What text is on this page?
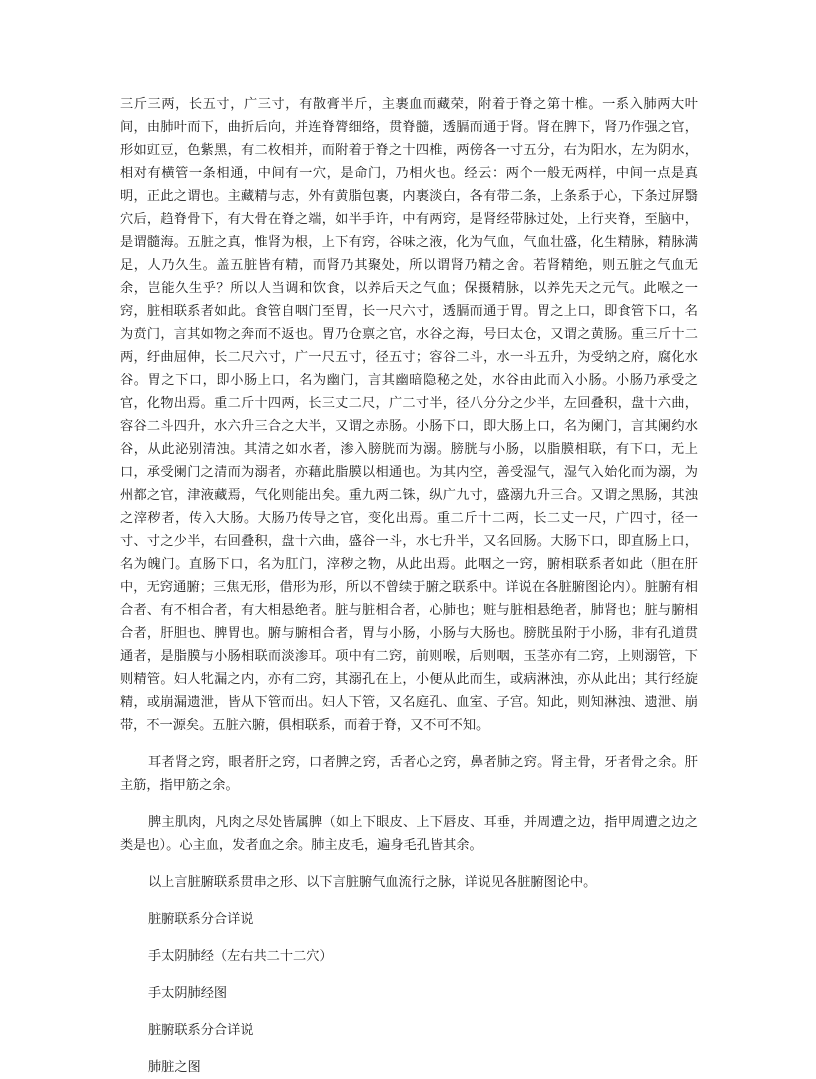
三斤三两，长五寸，广三寸，有散膏半斤，主裹血而藏荣，附着于脊之第十椎。一系入肺两大叶间，由肺叶而下，曲折后向，并连脊膂细络，贯脊髓，透膈而通于肾。肾在脾下，肾乃作强之官，形如豇豆，色紫黑，有二枚相并，而附着于脊之十四椎，两傍各一寸五分，右为阳水，左为阴水，相对有横管一条相通，中间有一穴，是命门，乃相火也。经云：两个一般无两样，中间一点是真明，正此之谓也。主藏精与志，外有黄脂包裹，内裹淡白，各有带二条，上条系于心，下条过屏翳穴后，趋脊骨下，有大骨在脊之端，如半手许，中有两窍，是肾经带脉过处，上行夹脊，至脑中，是谓髓海。五脏之真，惟肾为根，上下有窍，谷味之液，化为气血，气血壮盛，化生精脉，精脉满足，人乃久生。盖五脏皆有精，而肾乃其聚处，所以谓肾乃精之舍。若肾精绝，则五脏之气血无余，岂能久生乎？所以人当调和饮食，以养后天之气血；保摄精脉，以养先天之元气。此喉之一窍，脏相联系者如此。食管自咽门至胃，长一尺六寸，透膈而通于胃。胃之上口，即食管下口，名为贲门，言其如物之奔而不返也。胃乃仓禀之官，水谷之海，号曰太仓，又谓之黄肠。重三斤十二两，纡曲屈伸，长二尺六寸，广一尺五寸，径五寸；容谷二斗，水一斗五升，为受纳之府，腐化水谷。胃之下口，即小肠上口，名为幽门，言其幽暗隐秘之处，水谷由此而入小肠。小肠乃承受之官，化物出焉。重二斤十四两，长三丈二尺，广二寸半，径八分分之少半，左回叠积，盘十六曲，容谷二斗四升，水六升三合之大半，又谓之赤肠。小肠下口，即大肠上口，名为阑门，言其阑约水谷，从此泌别清浊。其清之如水者，渗入膀胱而为溺。膀胱与小肠，以脂膜相联，有下口，无上口，承受阑门之清而为溺者，亦藉此脂膜以相通也。为其内空，善受湿气，湿气入始化而为溺，为州都之官，津液藏焉，气化则能出矣。重九两二铢，纵广九寸，盛溺九升三合。又谓之黑肠，其浊之滓秽者，传入大肠。大肠乃传导之官，变化出焉。重二斤十二两，长二丈一尺，广四寸，径一寸、寸之少半，右回叠积，盘十六曲，盛谷一斗，水七升半，又名回肠。大肠下口，即直肠上口，名为魄门。直肠下口，名为肛门，滓秽之物，从此出焉。此咽之一窍，腑相联系者如此（胆在肝中，无窍通腑；三焦无形，借形为形，所以不曾续于腑之联系中。详说在各脏腑图论内）。脏腑有相合者、有不相合者，有大相悬绝者。脏与脏相合者，心肺也；赃与脏相悬绝者，肺肾也；脏与腑相合者，肝胆也、脾胃也。腑与腑相合者，胃与小肠，小肠与大肠也。膀胱虽附于小肠，非有孔道贯通者，是脂膜与小肠相联而淡渗耳。项中有二窍，前则喉，后则咽，玉茎亦有二窍，上则溺管，下则精管。妇人牝漏之内，亦有二窍，其溺孔在上，小便从此而生，或病淋浊，亦从此出；其行经旋精，或崩漏遗泄，皆从下管而出。妇人下管，又名庭孔、血室、子宫。知此，则知淋浊、遗泄、崩带，不一源矣。五脏六腑，俱相联系，而着于脊，又不可不知。

耳者肾之窍，眼者肝之窍，口者脾之窍，舌者心之窍，鼻者肺之窍。肾主骨，牙者骨之余。肝主筋，指甲筋之余。

脾主肌肉，凡肉之尽处皆属脾（如上下眼皮、上下唇皮、耳垂，并周遭之边，指甲周遭之边之类是也）。心主血，发者血之余。肺主皮毛，遍身毛孔皆其余。

以上言脏腑联系贯串之形、以下言脏腑气血流行之脉，详说见各脏腑图论中。

脏腑联系分合详说

手太阴肺经（左右共二十二穴）

手太阴肺经图

脏腑联系分合详说

肺脏之图
